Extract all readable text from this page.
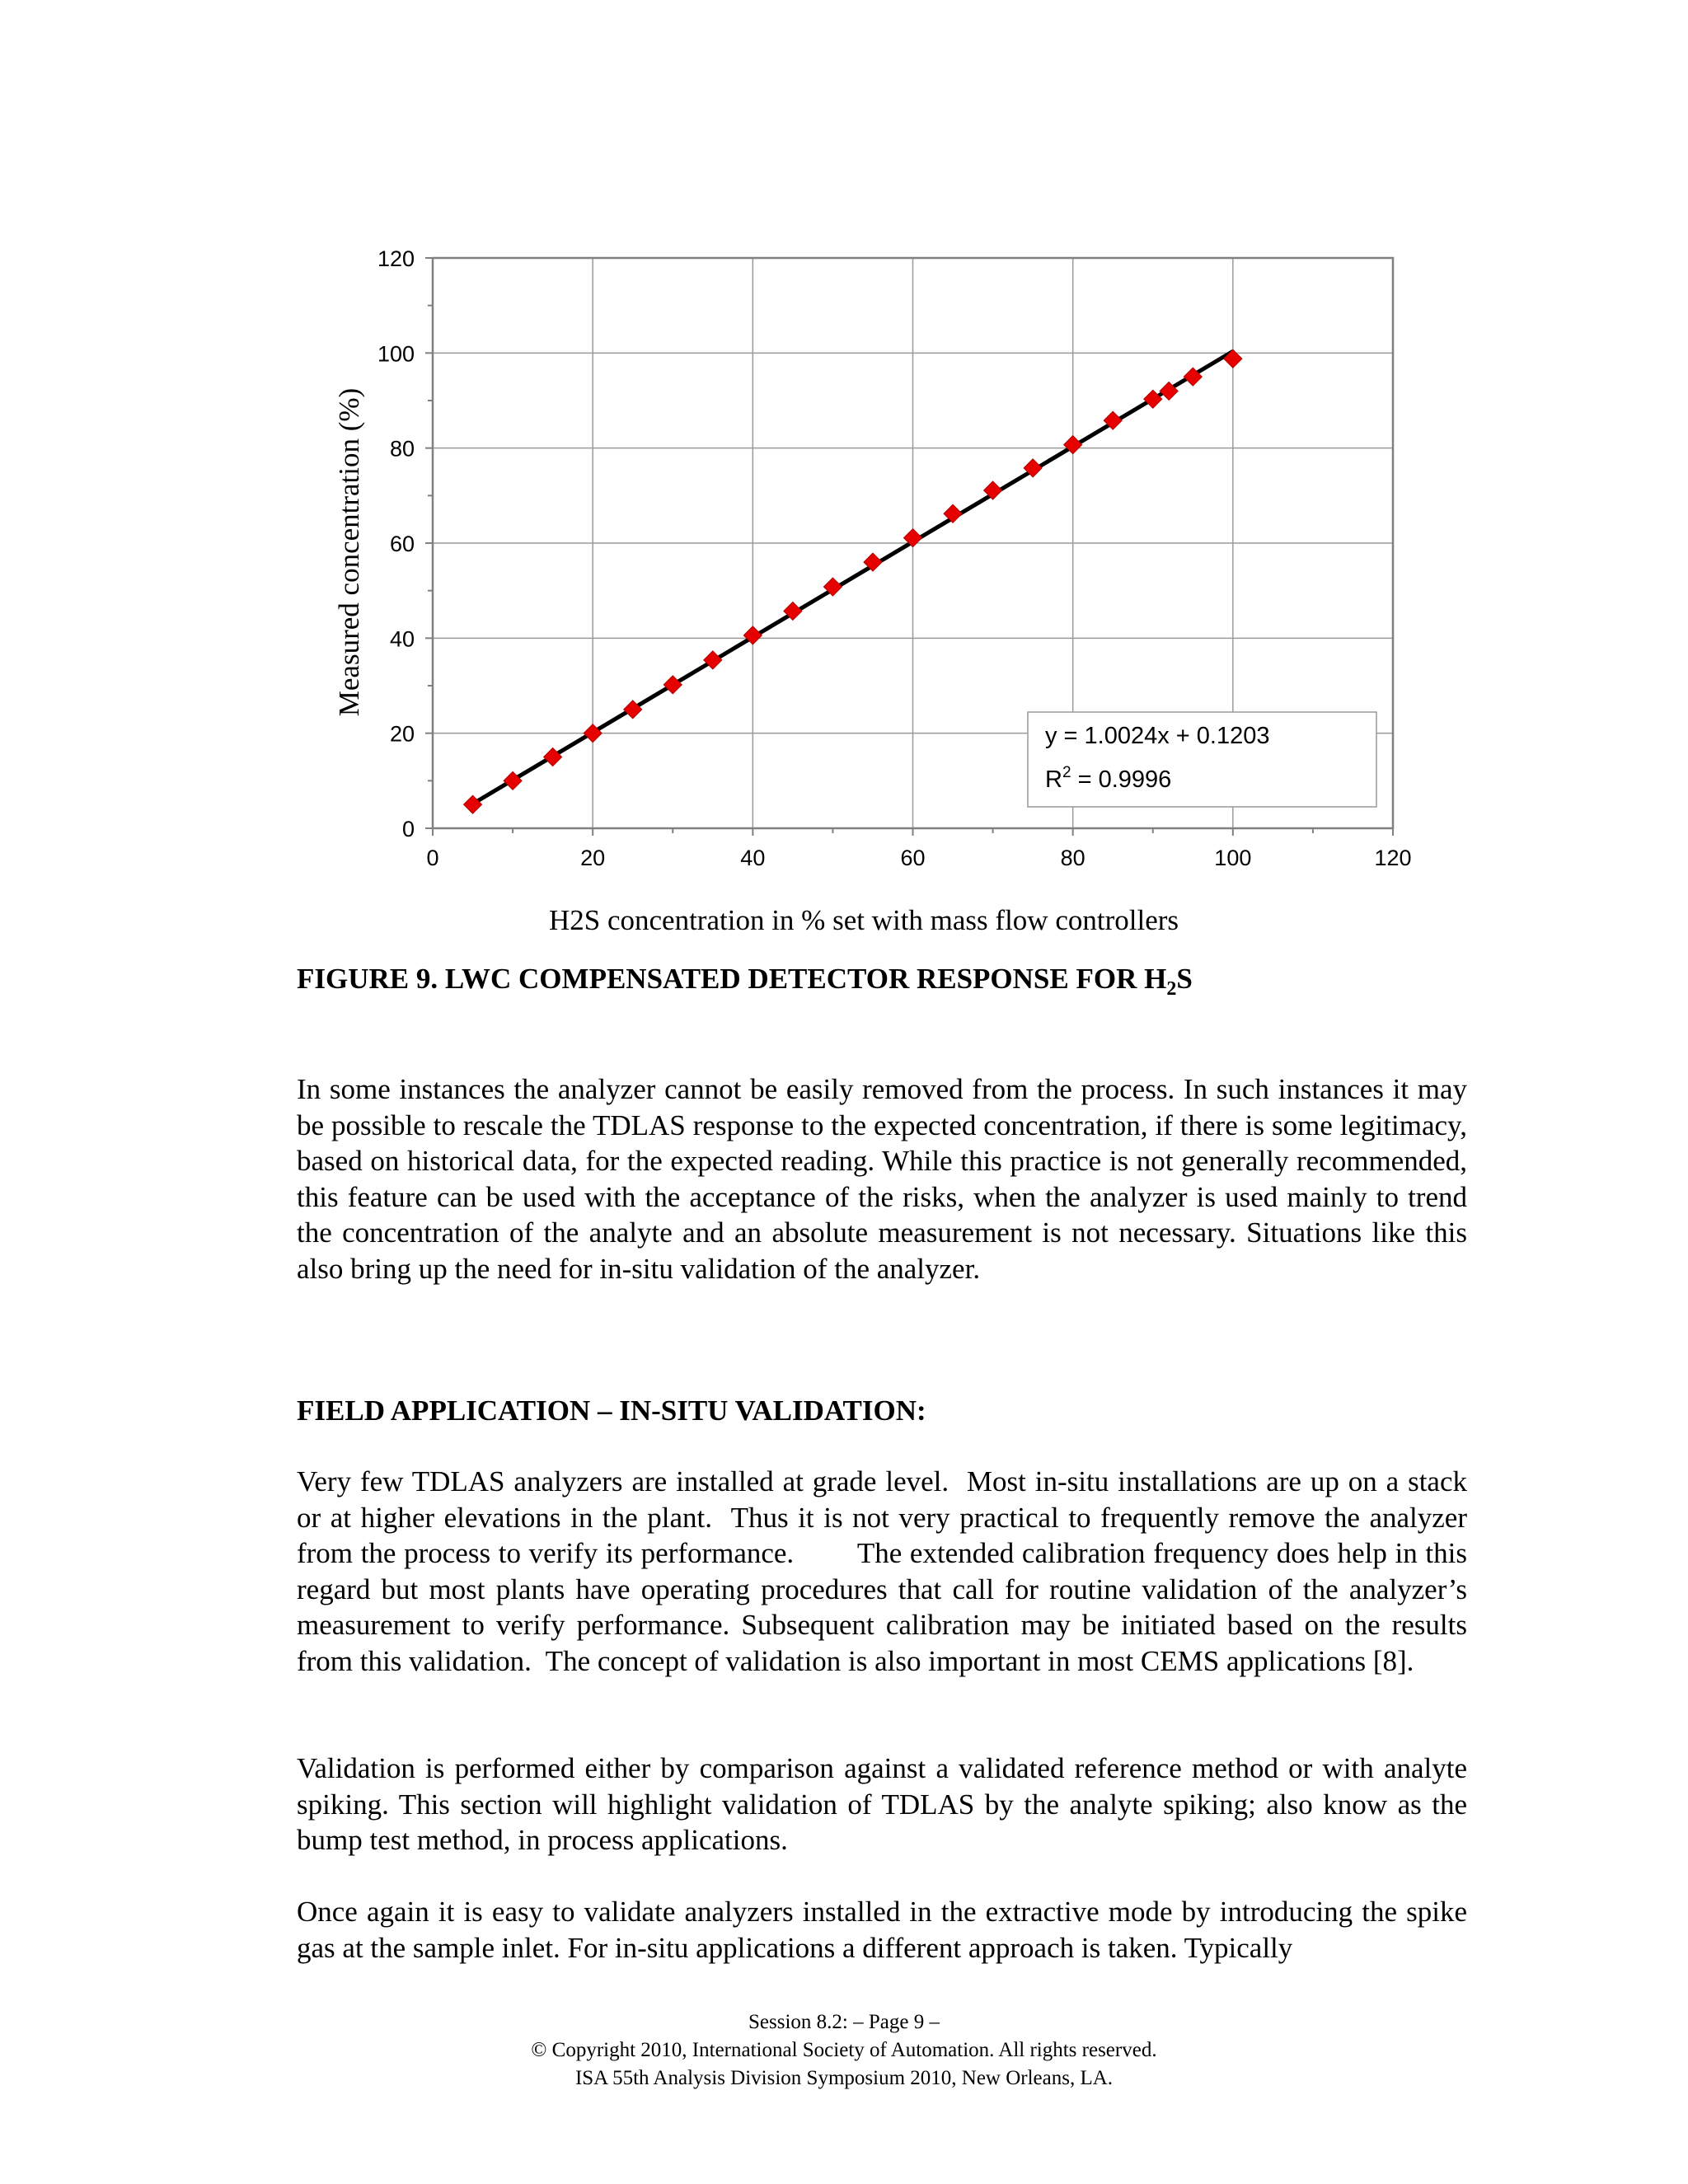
0	20	40	60	80	100	120
0
20
40
60
80
100
120
y = 1.0024x + 0.1203
$R^2 = 0.9996$
H2S concentration in % set with mass flow controllers
Measured concentration (%)
FIGURE 9. LWC COMPENSATED DETECTOR RESPONSE FOR $H_2S$

In some instances the analyzer cannot be easily removed from the process. In such instances it may be possible to rescale the TDLAS response to the expected concentration, if there is some legitimacy, based on historical data, for the expected reading. While this practice is not generally recommended, this feature can be used with the acceptance of the risks, when the analyzer is used mainly to trend the concentration of the analyte and an absolute measurement is not necessary. Situations like this also bring up the need for in-situ validation of the analyzer.

FIELD APPLICATION – IN-SITU VALIDATION:

Very few TDLAS analyzers are installed at grade level.  Most in-situ installations are up on a stack or at higher elevations in the plant.  Thus it is not very practical to frequently remove the analyzer from the process to verify its performance.        The extended calibration frequency does help in this regard but most plants have operating procedures that call for routine validation of the analyzer’s measurement to verify performance. Subsequent calibration may be initiated based on the results from this validation.  The concept of validation is also important in most CEMS applications [8].

Validation is performed either by comparison against a validated reference method or with analyte spiking. This section will highlight validation of TDLAS by the analyte spiking; also know as the bump test method, in process applications.

Once again it is easy to validate analyzers installed in the extractive mode by introducing the spike gas at the sample inlet. For in-situ applications a different approach is taken. Typically

Session 8.2: – Page 9 –
© Copyright 2010, International Society of Automation. All rights reserved.
ISA 55th Analysis Division Symposium 2010, New Orleans, LA.
